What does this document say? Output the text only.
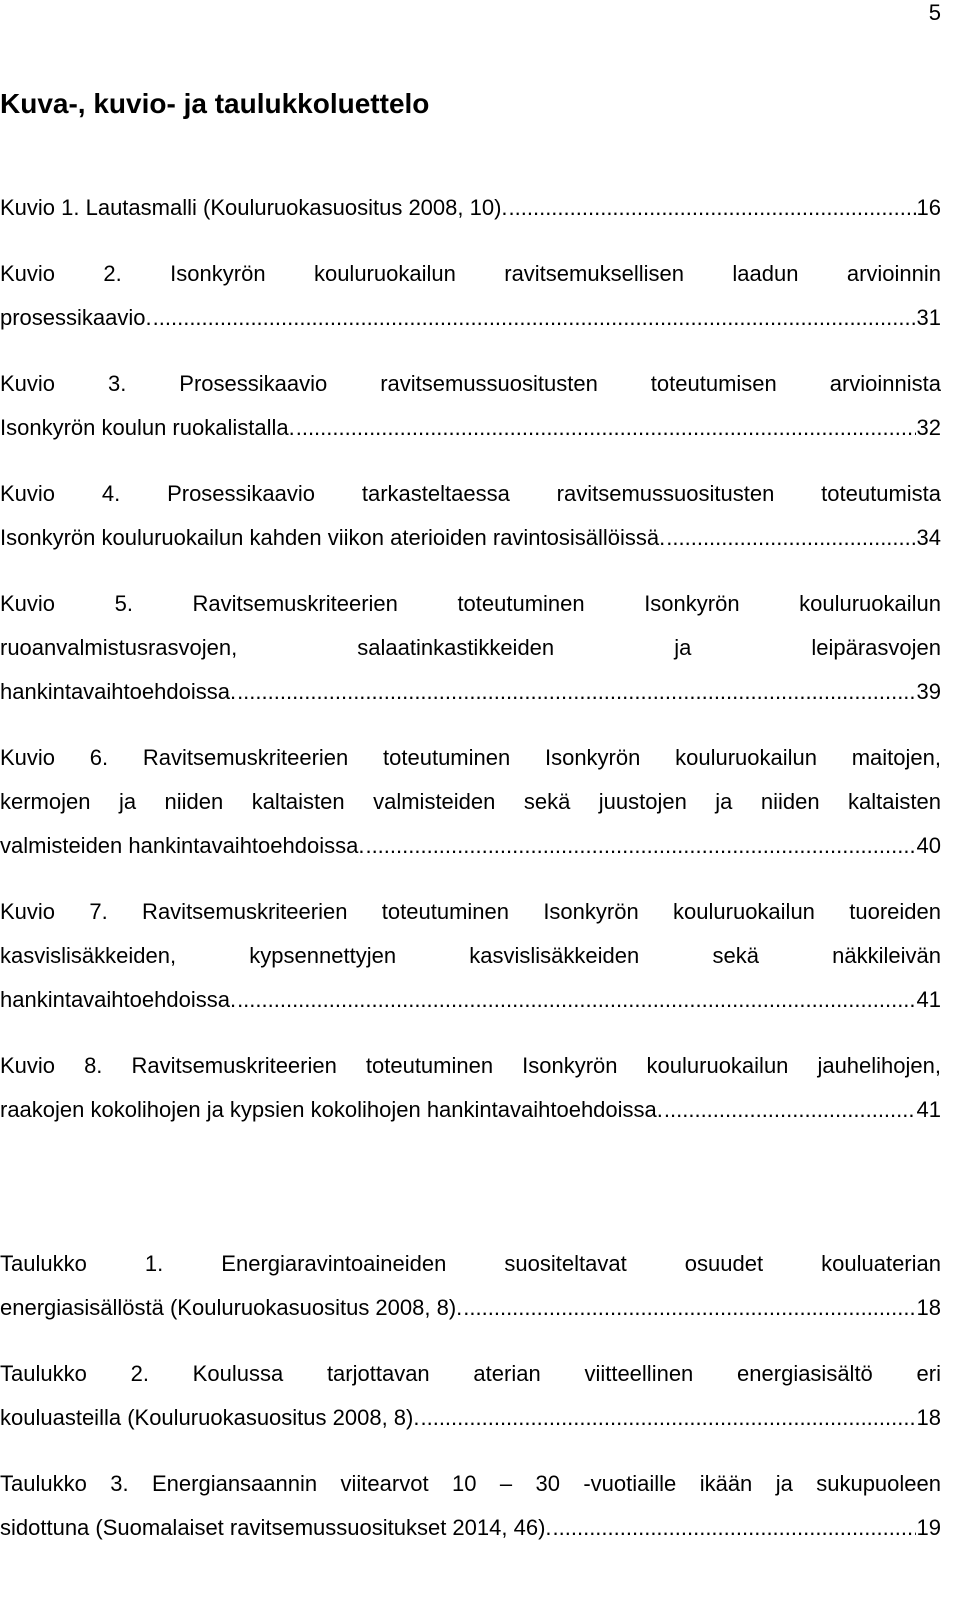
5
Kuva-, kuvio- ja taulukkoluettelo
Kuvio 1. Lautasmalli (Kouluruokasuositus 2008, 10). .....	16
Kuvio 2. Isonkyrön kouluruokailun ravitsemuksellisen laadun arvioinnin
prosessikaavio. .....	31
Kuvio 3. Prosessikaavio ravitsemussuositusten toteutumisen arvioinnista
Isonkyrön koulun ruokalistalla. .....	32
Kuvio 4. Prosessikaavio tarkasteltaessa ravitsemussuositusten toteutumista
Isonkyrön kouluruokailun kahden viikon aterioiden ravintosisällöissä. .....	34
Kuvio 5. Ravitsemuskriteerien toteutuminen Isonkyrön kouluruokailun
ruoanvalmistusrasvojen, salaatinkastikkeiden ja leipärasvojen
hankintavaihtoehdoissa. .....	39
Kuvio 6. Ravitsemuskriteerien toteutuminen Isonkyrön kouluruokailun maitojen,
kermojen ja niiden kaltaisten valmisteiden sekä juustojen ja niiden kaltaisten
valmisteiden hankintavaihtoehdoissa. .....	40
Kuvio 7. Ravitsemuskriteerien toteutuminen Isonkyrön kouluruokailun tuoreiden
kasvislisäkkeiden, kypsennettyjen kasvislisäkkeiden sekä näkkileivän
hankintavaihtoehdoissa. .....	41
Kuvio 8. Ravitsemuskriteerien toteutuminen Isonkyrön kouluruokailun jauhelihojen,
raakojen kokolihojen ja kypsien kokolihojen hankintavaihtoehdoissa. .....	41
Taulukko 1. Energiaravintoaineiden suositeltavat osuudet kouluaterian
energiasisällöstä (Kouluruokasuositus 2008, 8). .....	18
Taulukko 2. Koulussa tarjottavan aterian viitteellinen energiasisältö eri
kouluasteilla (Kouluruokasuositus 2008, 8). .....	18
Taulukko 3. Energiansaannin viitearvot 10 – 30 -vuotiaille ikään ja sukupuoleen
sidottuna (Suomalaiset ravitsemussuositukset 2014, 46). .....	19
